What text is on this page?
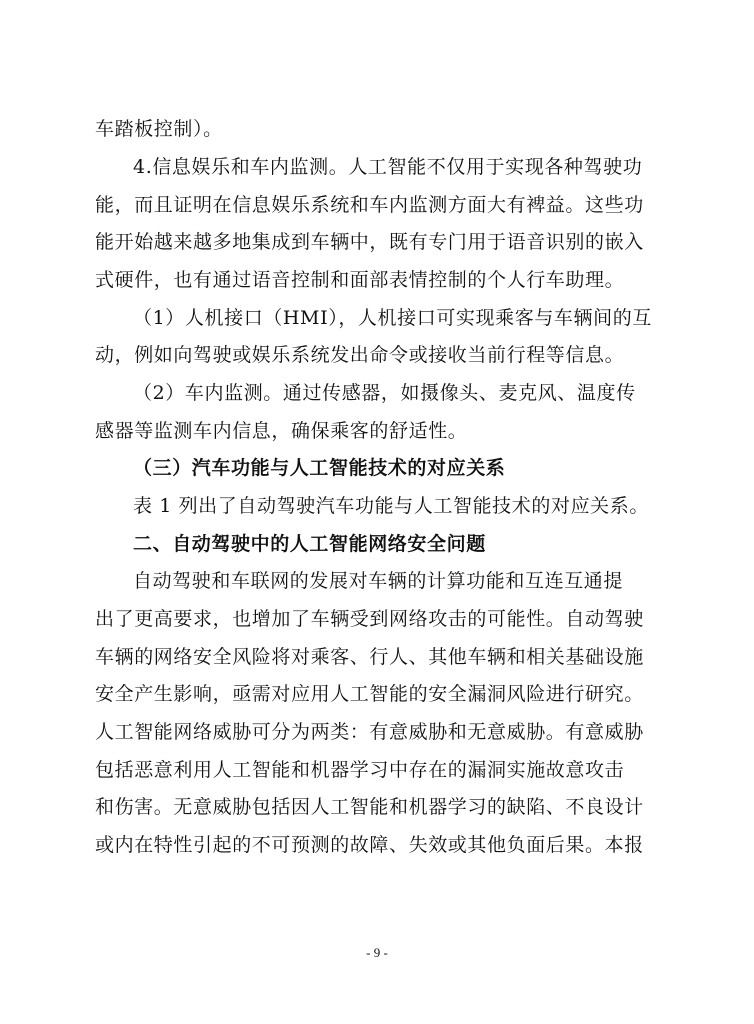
车踏板控制）。
4.信息娱乐和车内监测。人工智能不仅用于实现各种驾驶功
能，而且证明在信息娱乐系统和车内监测方面大有裨益。这些功
能开始越来越多地集成到车辆中，既有专门用于语音识别的嵌入
式硬件，也有通过语音控制和面部表情控制的个人行车助理。
（1）人机接口（HMI），人机接口可实现乘客与车辆间的互
动，例如向驾驶或娱乐系统发出命令或接收当前行程等信息。
（2）车内监测。通过传感器，如摄像头、麦克风、温度传
感器等监测车内信息，确保乘客的舒适性。
（三）汽车功能与人工智能技术的对应关系
表 1 列出了自动驾驶汽车功能与人工智能技术的对应关系。
二、自动驾驶中的人工智能网络安全问题
自动驾驶和车联网的发展对车辆的计算功能和互连互通提
出了更高要求，也增加了车辆受到网络攻击的可能性。自动驾驶
车辆的网络安全风险将对乘客、行人、其他车辆和相关基础设施
安全产生影响，亟需对应用人工智能的安全漏洞风险进行研究。
人工智能网络威胁可分为两类：有意威胁和无意威胁。有意威胁
包括恶意利用人工智能和机器学习中存在的漏洞实施故意攻击
和伤害。无意威胁包括因人工智能和机器学习的缺陷、不良设计
或内在特性引起的不可预测的故障、失效或其他负面后果。本报
- 9 -
